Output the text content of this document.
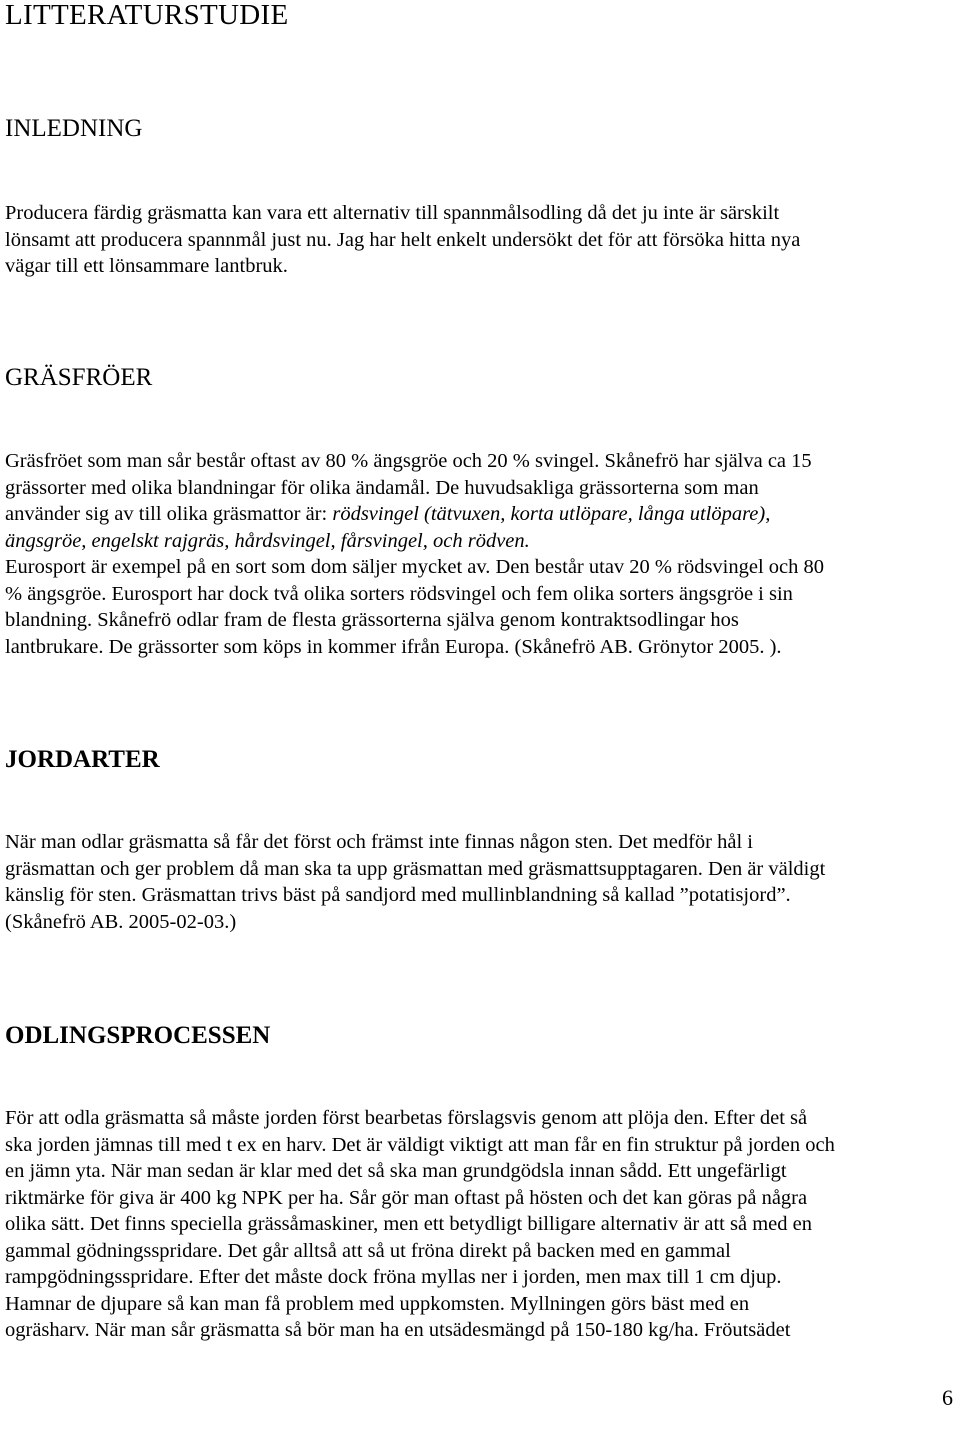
LITTERATURSTUDIE
INLEDNING

Producera färdig gräsmatta kan vara ett alternativ till spannmålsodling då det ju inte är särskilt
lönsamt att producera spannmål just nu. Jag har helt enkelt undersökt det för att försöka hitta nya
vägar till ett lönsammare lantbruk.

GRÄSFRÖER

Gräsfröet som man sår består oftast av 80 % ängsgröe och 20 % svingel. Skånefrö har själva ca 15
grässorter med olika blandningar för olika ändamål. De huvudsakliga grässorterna som man
använder sig av till olika gräsmattor är: rödsvingel (tätvuxen, korta utlöpare, långa utlöpare),
ängsgröe, engelskt rajgräs, hårdsvingel, fårsvingel, och rödven.
Eurosport är exempel på en sort som dom säljer mycket av. Den består utav 20 % rödsvingel och 80
% ängsgröe. Eurosport har dock två olika sorters rödsvingel och fem olika sorters ängsgröe i sin
blandning. Skånefrö odlar fram de flesta grässorterna själva genom kontraktsodlingar hos
lantbrukare. De grässorter som köps in kommer ifrån Europa. (Skånefrö AB. Grönytor 2005. ).

JORDARTER

När man odlar gräsmatta så får det först och främst inte finnas någon sten. Det medför hål i
gräsmattan och ger problem då man ska ta upp gräsmattan med gräsmattsupptagaren. Den är väldigt
känslig för sten. Gräsmattan trivs bäst på sandjord med mullinblandning så kallad ”potatisjord”.
(Skånefrö AB. 2005-02-03.)

ODLINGSPROCESSEN

För att odla gräsmatta så måste jorden först bearbetas förslagsvis genom att plöja den. Efter det så
ska jorden jämnas till med t ex en harv. Det är väldigt viktigt att man får en fin struktur på jorden och
en jämn yta. När man sedan är klar med det så ska man grundgödsla innan sådd. Ett ungefärligt
riktmärke för giva är 400 kg NPK per ha. Sår gör man oftast på hösten och det kan göras på några
olika sätt. Det finns speciella grässåmaskiner, men ett betydligt billigare alternativ är att så med en
gammal gödningsspridare. Det går alltså att så ut fröna direkt på backen med en gammal
rampgödningsspridare. Efter det måste dock fröna myllas ner i jorden, men max till 1 cm djup.
Hamnar de djupare så kan man få problem med uppkomsten. Myllningen görs bäst med en
ogräsharv. När man sår gräsmatta så bör man ha en utsädesmängd på 150-180 kg/ha. Fröutsädet

6
